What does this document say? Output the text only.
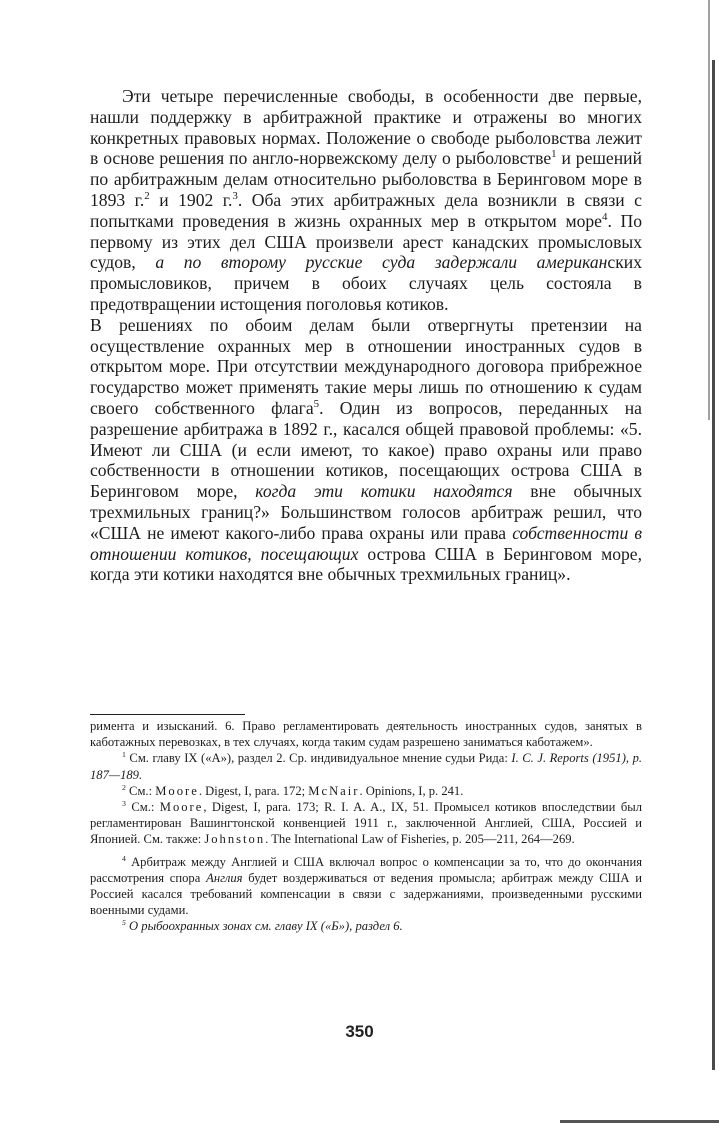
Эти четыре перечисленные свободы, в особенности две первые, нашли поддержку в арбитражной практике и отражены во многих конкретных правовых нормах. Положение о свободе рыболовства лежит в основе решения по англо-норвежскому делу о рыболовстве$^1$ и решений по арбитражным делам относительно рыболовства в Беринговом море в 1893 г.$^2$ и 1902 г.$^3$. Оба этих арбитражных дела возникли в связи с попытками проведения в жизнь охранных мер в открытом море$^4$. По первому из этих дел США произвели арест канадских промысловых судов, а по второму русские суда задержали американских промысловиков, причем в обоих случаях цель состояла в предотвращении истощения поголовья котиков.

В решениях по обоим делам были отвергнуты претензии на осуществление охранных мер в отношении иностранных судов в открытом море. При отсутствии международного договора прибрежное государство может применять такие меры лишь по отношению к судам своего собственного флага$^5$. Один из вопросов, переданных на разрешение арбитража в 1892 г., касался общей правовой проблемы: «5. Имеют ли США (и если имеют, то какое) право охраны или право собственности в отношении котиков, посещающих острова США в Беринговом море, когда эти котики находятся вне обычных трехмильных границ?» Большинством голосов арбитраж решил, что «США не имеют какого-либо права охраны или права собственности в отношении котиков, посещающих острова США в Беринговом море, когда эти котики находятся вне обычных трехмильных границ».

римента и изысканий. 6. Право регламентировать деятельность иностранных судов, занятых в каботажных перевозках, в тех случаях, когда таким судам разрешено заниматься каботажем».

$^1$ См. главу IX («А»), раздел 2. Ср. индивидуальное мнение судьи Рида: I. C. J. Reports (1951), p. 187—189.

$^2$ См.: Moore. Digest, I, para. 172; McNair. Opinions, I, p. 241.

$^3$ См.: Moore, Digest, I, para. 173; R. I. A. A., IX, 51. Промысел котиков впоследствии был регламентирован Вашингтонской конвенцией 1911 г., заключенной Англией, США, Россией и Японией. См. также: Johnston. The International Law of Fisheries, p. 205—211, 264—269.

$^4$ Арбитраж между Англией и США включал вопрос о компенсации за то, что до окончания рассмотрения спора Англия будет воздерживаться от ведения промысла; арбитраж между США и Россией касался требований компенсации в связи с задержаниями, произведенными русскими военными судами.

$^5$ О рыбоохранных зонах см. главу IX («Б»), раздел 6.

350
